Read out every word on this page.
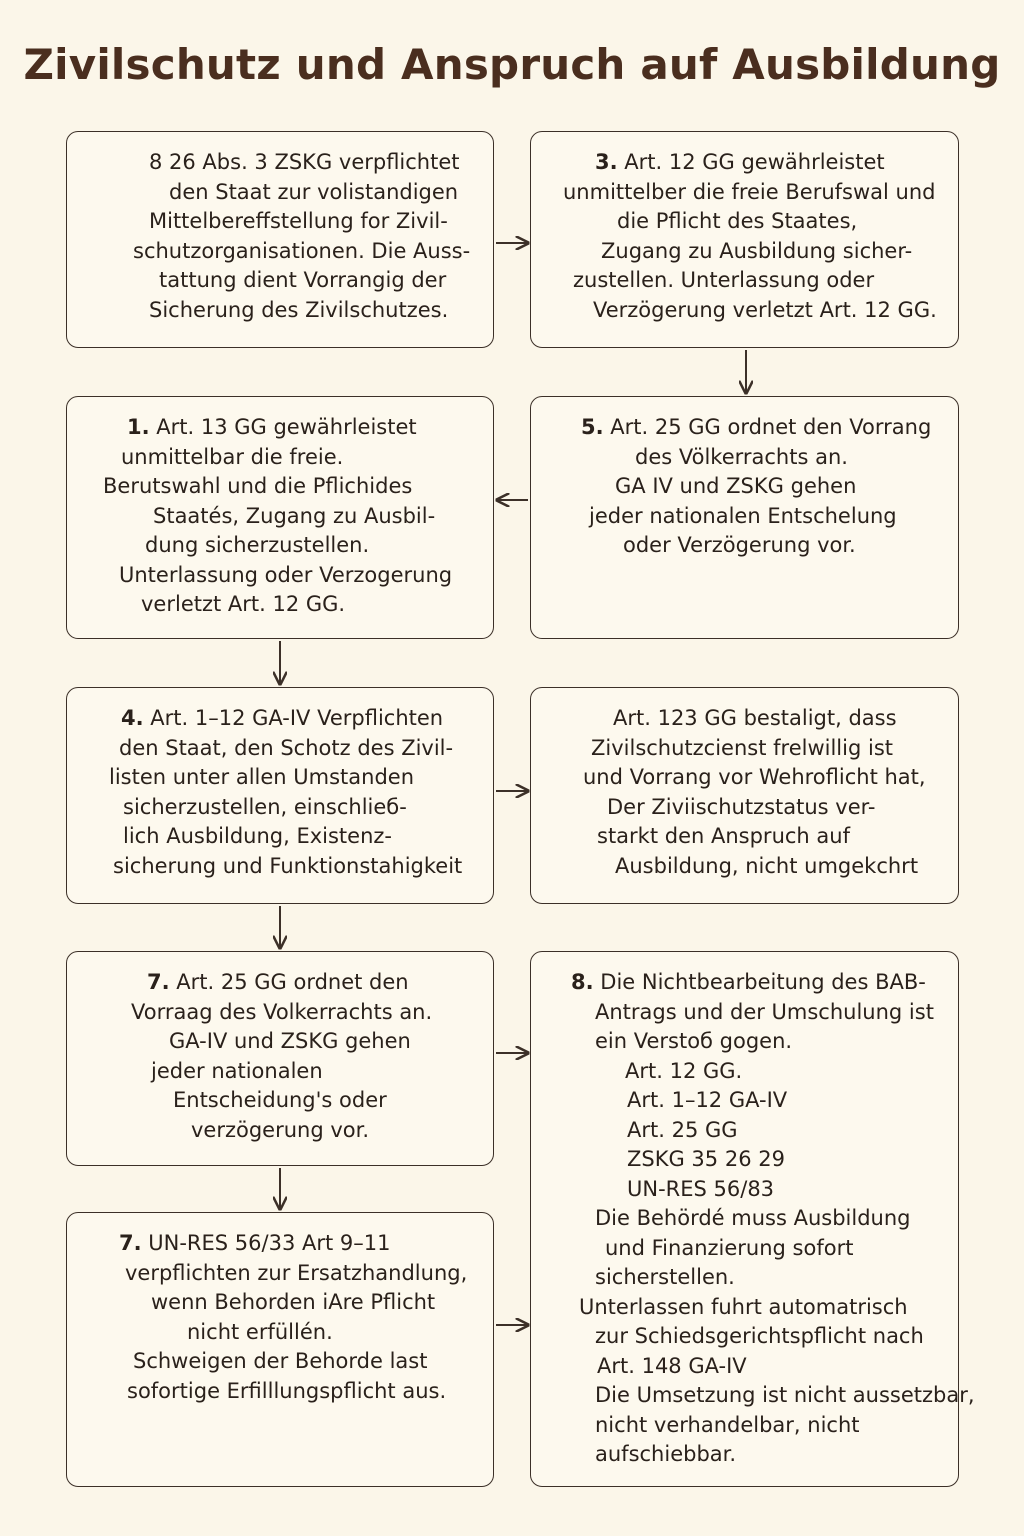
Zivilschutz und Anspruch auf Ausbildung
8 26 Abs. 3 ZSKG verpflichtet
den Staat zur volistandigen
Mittelbereffstellung for Zivil-
schutzorganisationen. Die Auss-
tattung dient Vorrangig der
Sicherung des Zivilschutzes.
3. Art. 12 GG gewährleistet
unmittelber die freie Berufswal und
die Pflicht des Staates,
Zugang zu Ausbildung sicher-
zustellen. Unterlassung oder
Verzögerung verletzt Art. 12 GG.
1. Art. 13 GG gewährleistet
unmittelbar die freie.
Berutswahl und die Pflichides
Staatés, Zugang zu Ausbil-
dung sicherzustellen.
Unterlassung oder Verzogerung
verletzt Art. 12 GG.
5. Art. 25 GG ordnet den Vorrang
des Völkerrachts an.
GA IV und ZSKG gehen
jeder nationalen Entschelung
oder Verzögerung vor.
4. Art. 1–12 GA-IV Verpflichten
den Staat, den Schotz des Zivil-
listen unter allen Umstanden
sicherzustellen, einschlieб-
lich Ausbildung, Existenz-
sicherung und Funktionstahigkeit
Art. 123 GG bestaligt, dass
Zivilschutzcienst frelwillig ist
und Vorrang vor Wehroflicht hat,
Der Ziviischutzstatus ver-
starkt den Anspruch auf
Ausbildung, nicht umgekchrt
7. Art. 25 GG ordnet den
Vorraag des Volkerrachts an.
GA-IV und ZSKG gehen
jeder nationalen
Entscheidung's oder
verzögerung vor.
8. Die Nichtbearbeitung des BAB-
Antrags und der Umschulung ist
ein Verstoб gogen.
Art. 12 GG.
Art. 1–12 GA-IV
Art. 25 GG
ZSKG 35 26 29
UN-RES 56/83
Die Behördé muss Ausbildung
und Finanzierung sofort
sicherstellen.
Unterlassen fuhrt automatrisch
zur Schiedsgerichtspflicht nach
Art. 148 GA-IV
Die Umsetzung ist nicht aussetzbar,
nicht verhandelbar, nicht
aufschiebbar.
7. UN-RES 56/33 Art 9–11
verpflichten zur Ersatzhandlung,
wenn Behorden iAre Pflicht
nicht erfüllén.
Schweigen der Behorde last
sofortige Erfilllungspflicht aus.
